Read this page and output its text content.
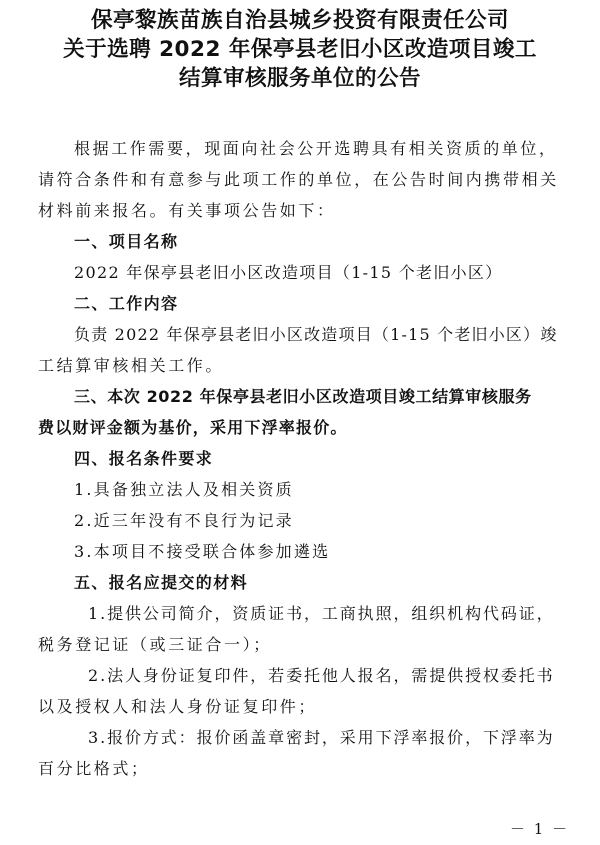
保亭黎族苗族自治县城乡投资有限责任公司
关于选聘 2022 年保亭县老旧小区改造项目竣工
结算审核服务单位的公告
根据工作需要，现面向社会公开选聘具有相关资质的单位，
请符合条件和有意参与此项工作的单位，在公告时间内携带相关
材料前来报名。有关事项公告如下：
一、项目名称
2022 年保亭县老旧小区改造项目（1-15 个老旧小区）
二、工作内容
负责 2022 年保亭县老旧小区改造项目（1-15 个老旧小区）竣
工结算审核相关工作。
三、本次 2022 年保亭县老旧小区改造项目竣工结算审核服务
费以财评金额为基价，采用下浮率报价。
四、报名条件要求
1.具备独立法人及相关资质
2.近三年没有不良行为记录
3.本项目不接受联合体参加遴选
五、报名应提交的材料
1.提供公司简介，资质证书，工商执照，组织机构代码证，
税务登记证（或三证合一）；
2.法人身份证复印件，若委托他人报名，需提供授权委托书
以及授权人和法人身份证复印件；
3.报价方式：报价函盖章密封，采用下浮率报价，下浮率为
百分比格式；
－ 1 －
